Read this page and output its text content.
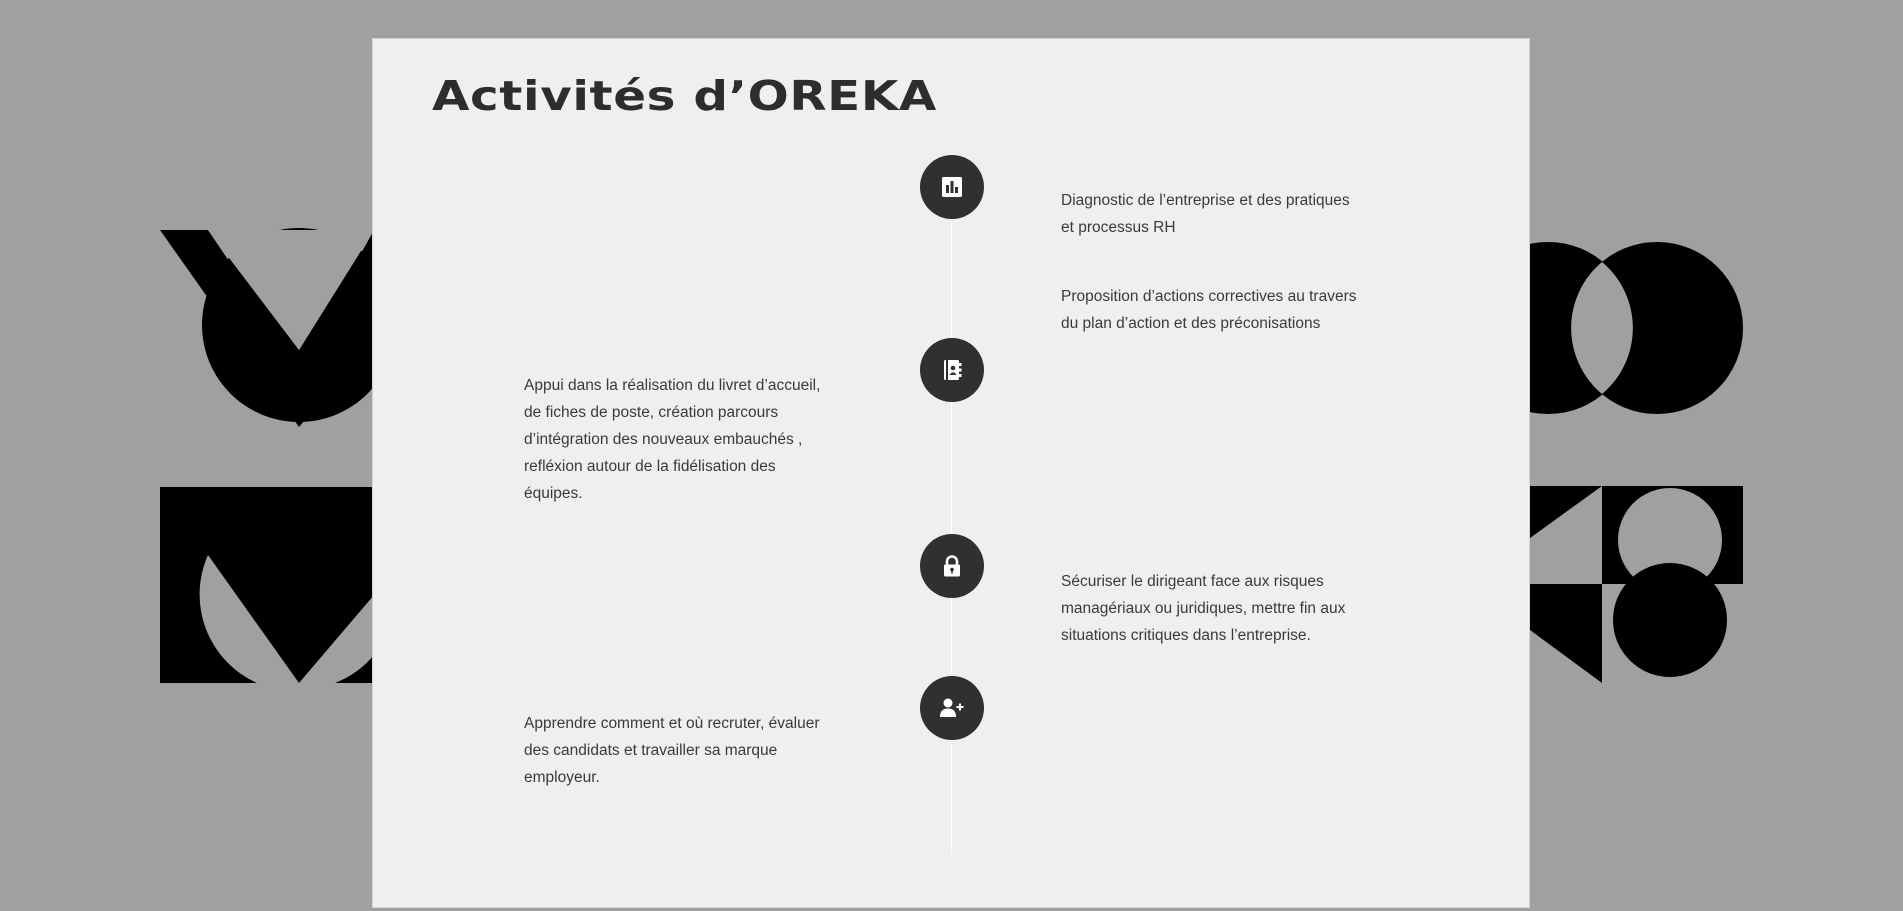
Activités d’OREKA

Diagnostic de l’entreprise et des pratiques
et processus RH

Proposition d’actions correctives au travers
du plan d’action et des préconisations

Appui dans la réalisation du livret d’accueil,
de fiches de poste, création parcours
d’intégration des nouveaux embauchés ,
refléxion autour de la fidélisation des
équipes.

Sécuriser le dirigeant face aux risques
managériaux ou juridiques, mettre fin aux
situations critiques dans l’entreprise.

Apprendre comment et où recruter, évaluer
des candidats et travailler sa marque
employeur.
